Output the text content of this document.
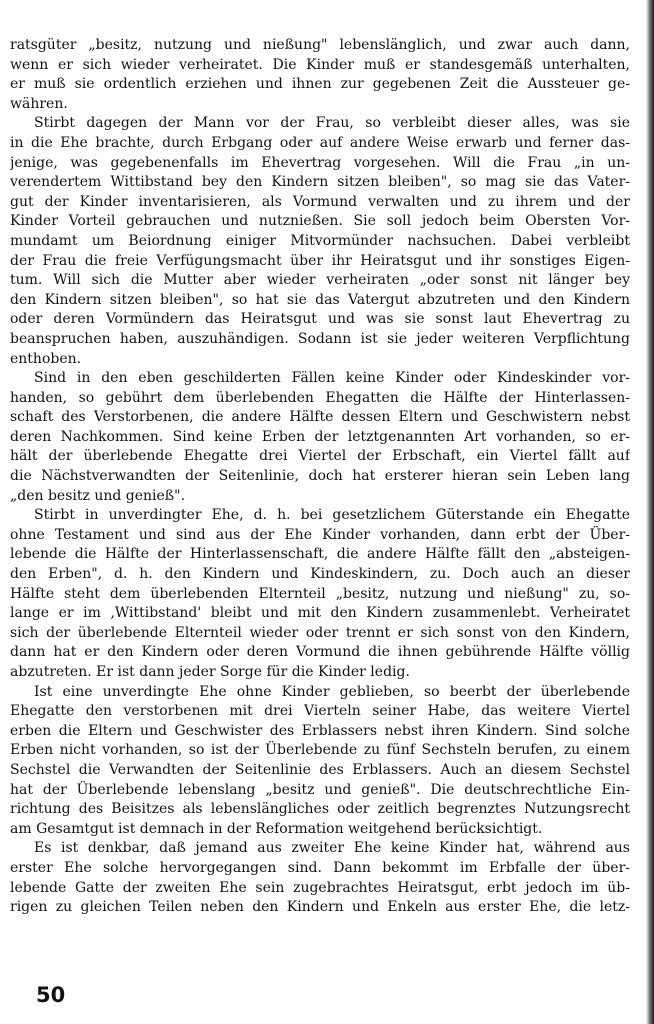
ratsgüter „besitz, nutzung und nießung" lebenslänglich, und zwar auch dann,
wenn er sich wieder verheiratet. Die Kinder muß er standesgemäß unterhalten,
er muß sie ordentlich erziehen und ihnen zur gegebenen Zeit die Aussteuer ge-
währen.
Stirbt dagegen der Mann vor der Frau, so verbleibt dieser alles, was sie
in die Ehe brachte, durch Erbgang oder auf andere Weise erwarb und ferner das-
jenige, was gegebenenfalls im Ehevertrag vorgesehen. Will die Frau „in un-
verendertem Wittibstand bey den Kindern sitzen bleiben", so mag sie das Vater-
gut der Kinder inventarisieren, als Vormund verwalten und zu ihrem und der
Kinder Vorteil gebrauchen und nutznießen. Sie soll jedoch beim Obersten Vor-
mundamt um Beiordnung einiger Mitvormünder nachsuchen. Dabei verbleibt
der Frau die freie Verfügungsmacht über ihr Heiratsgut und ihr sonstiges Eigen-
tum. Will sich die Mutter aber wieder verheiraten „oder sonst nit länger bey
den Kindern sitzen bleiben", so hat sie das Vatergut abzutreten und den Kindern
oder deren Vormündern das Heiratsgut und was sie sonst laut Ehevertrag zu
beanspruchen haben, auszuhändigen. Sodann ist sie jeder weiteren Verpflichtung
enthoben.
Sind in den eben geschilderten Fällen keine Kinder oder Kindeskinder vor-
handen, so gebührt dem überlebenden Ehegatten die Hälfte der Hinterlassen-
schaft des Verstorbenen, die andere Hälfte dessen Eltern und Geschwistern nebst
deren Nachkommen. Sind keine Erben der letztgenannten Art vorhanden, so er-
hält der überlebende Ehegatte drei Viertel der Erbschaft, ein Viertel fällt auf
die Nächstverwandten der Seitenlinie, doch hat ersterer hieran sein Leben lang
„den besitz und genieß".
Stirbt in unverdingter Ehe, d. h. bei gesetzlichem Güterstande ein Ehegatte
ohne Testament und sind aus der Ehe Kinder vorhanden, dann erbt der Über-
lebende die Hälfte der Hinterlassenschaft, die andere Hälfte fällt den „absteigen-
den Erben", d. h. den Kindern und Kindeskindern, zu. Doch auch an dieser
Hälfte steht dem überlebenden Elternteil „besitz, nutzung und nießung" zu, so-
lange er im ‚Wittibstand' bleibt und mit den Kindern zusammenlebt. Verheiratet
sich der überlebende Elternteil wieder oder trennt er sich sonst von den Kindern,
dann hat er den Kindern oder deren Vormund die ihnen gebührende Hälfte völlig
abzutreten. Er ist dann jeder Sorge für die Kinder ledig.
Ist eine unverdingte Ehe ohne Kinder geblieben, so beerbt der überlebende
Ehegatte den verstorbenen mit drei Vierteln seiner Habe, das weitere Viertel
erben die Eltern und Geschwister des Erblassers nebst ihren Kindern. Sind solche
Erben nicht vorhanden, so ist der Überlebende zu fünf Sechsteln berufen, zu einem
Sechstel die Verwandten der Seitenlinie des Erblassers. Auch an diesem Sechstel
hat der Überlebende lebenslang „besitz und genieß". Die deutschrechtliche Ein-
richtung des Beisitzes als lebenslängliches oder zeitlich begrenztes Nutzungsrecht
am Gesamtgut ist demnach in der Reformation weitgehend berücksichtigt.
Es ist denkbar, daß jemand aus zweiter Ehe keine Kinder hat, während aus
erster Ehe solche hervorgegangen sind. Dann bekommt im Erbfalle der über-
lebende Gatte der zweiten Ehe sein zugebrachtes Heiratsgut, erbt jedoch im üb-
rigen zu gleichen Teilen neben den Kindern und Enkeln aus erster Ehe, die letz-
50
